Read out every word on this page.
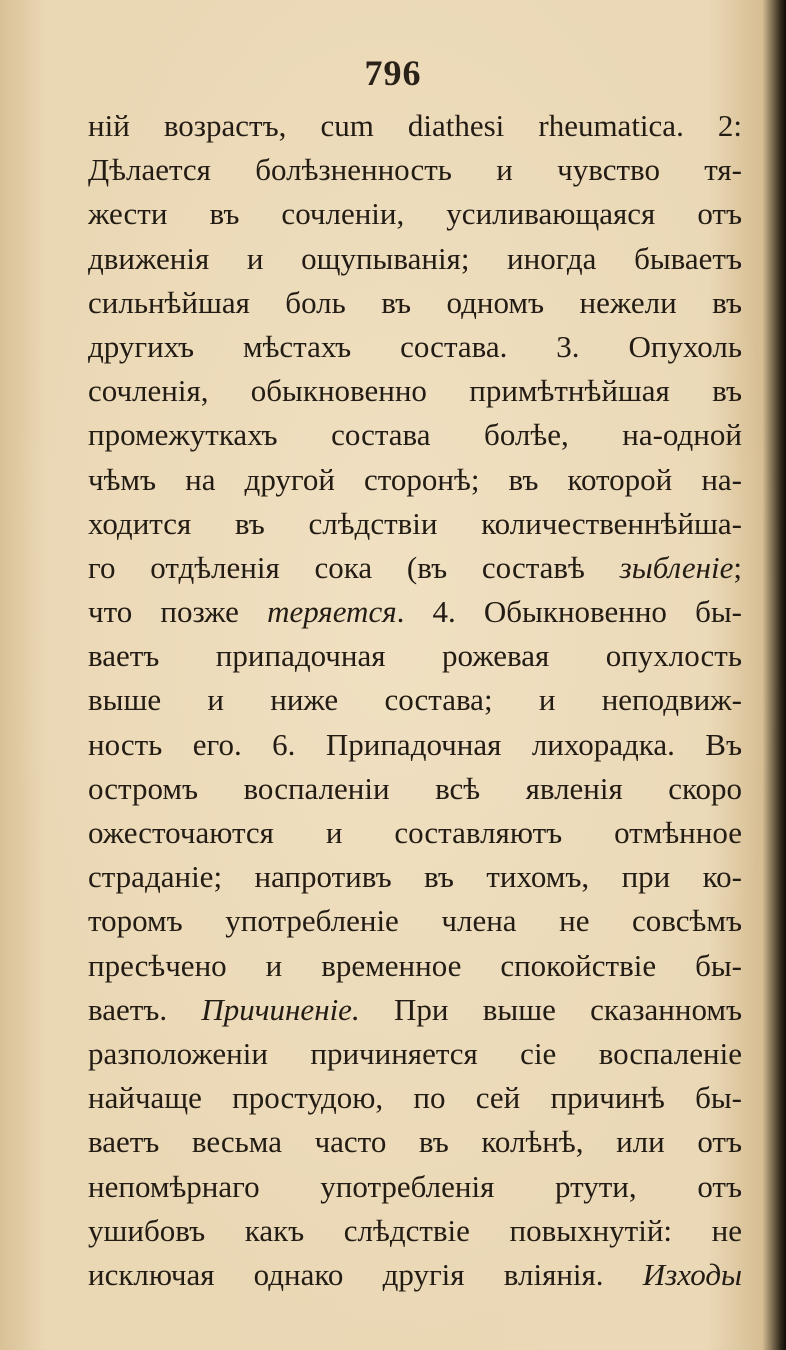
796
ній возрастъ, cum diathesi rheumatica. 2:
Дѣлается болѣзненность и чувство тя-
жести въ сочленіи, усиливающаяся отъ
движенія и ощупыванія; иногда бываетъ
сильнѣйшая боль въ одномъ нежели въ
другихъ мѣстахъ состава. 3. Опухоль
сочленія, обыкновенно примѣтнѣйшая въ
промежуткахъ состава болѣе, на-одной
чѣмъ на другой сторонѣ; въ которой на-
ходится въ слѣдствіи количественнѣйша-
го отдѣленія сока (въ составѣ зыбленіе;
что позже теряется. 4. Обыкновенно бы-
ваетъ припадочная рожевая опухлость
выше и ниже состава; и неподвиж-
ность его. 6. Припадочная лихорадка. Въ
остромъ воспаленіи всѣ явленія скоро
ожесточаются и составляютъ отмѣнное
страданіе; напротивъ въ тихомъ, при ко-
торомъ употребленіе члена не совсѣмъ
пресѣчено и временное спокойствіе бы-
ваетъ. Причиненіе. При выше сказанномъ
разположеніи причиняется сіе воспаленіе
найчаще простудою, по сей причинѣ бы-
ваетъ весьма часто въ колѣнѣ, или отъ
непомѣрнаго употребленія ртути, отъ
ушибовъ какъ слѣдствіе повыхнутій: не
исключая однако другія вліянія. Изходы
